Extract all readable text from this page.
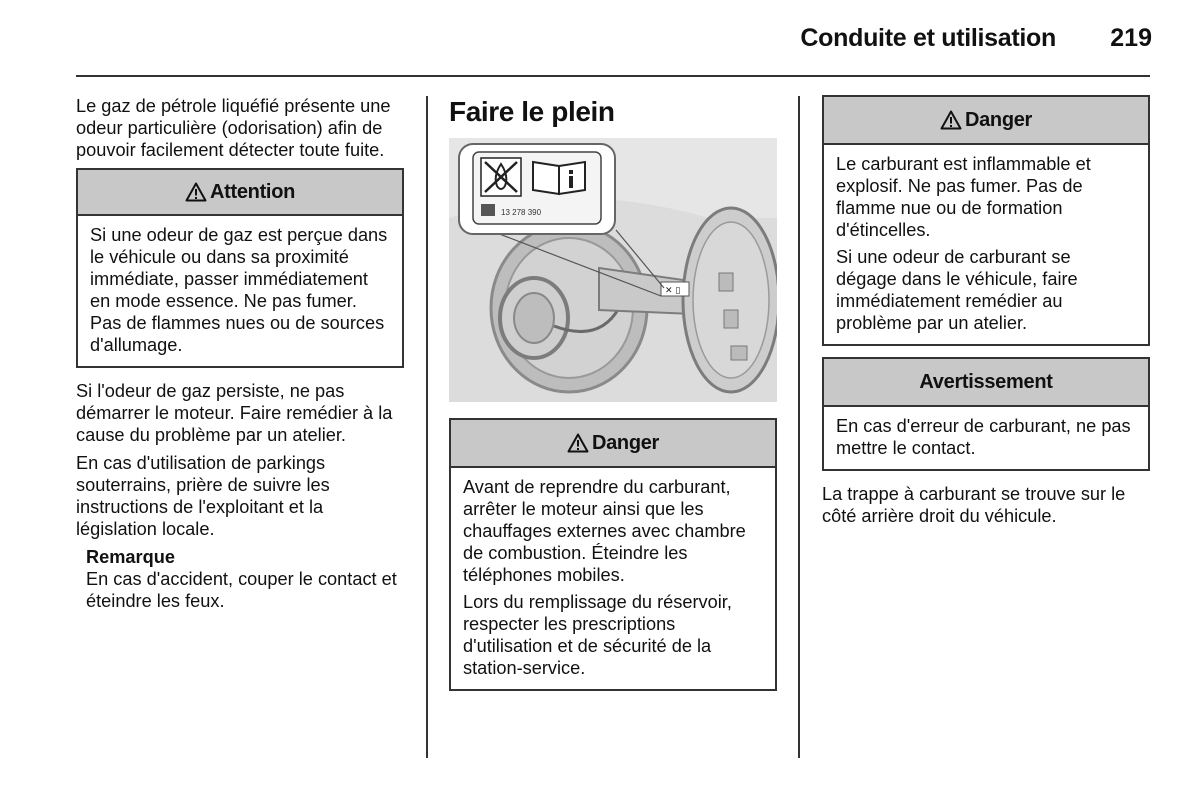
Conduite et utilisation	219

Le gaz de pétrole liquéfié présente une odeur particulière (odorisation) afin de pouvoir facilement détecter toute fuite.

Attention

Si une odeur de gaz est perçue dans le véhicule ou dans sa proximité immédiate, passer immédiatement en mode essence. Ne pas fumer. Pas de flammes nues ou de sources d'allumage.

Si l'odeur de gaz persiste, ne pas démarrer le moteur. Faire remédier à la cause du problème par un atelier.

En cas d'utilisation de parkings souterrains, prière de suivre les instructions de l'exploitant et la législation locale.

Remarque
En cas d'accident, couper le contact et éteindre les feux.
Faire le plein
✕ ▯
13 278 390
Danger

Avant de reprendre du carburant, arrêter le moteur ainsi que les chauffages externes avec chambre de combustion. Éteindre les téléphones mobiles.

Lors du remplissage du réservoir, respecter les prescriptions d'utilisation et de sécurité de la station-service.

Danger

Le carburant est inflammable et explosif. Ne pas fumer. Pas de flamme nue ou de formation d'étincelles.

Si une odeur de carburant se dégage dans le véhicule, faire immédiatement remédier au problème par un atelier.

Avertissement

En cas d'erreur de carburant, ne pas mettre le contact.

La trappe à carburant se trouve sur le côté arrière droit du véhicule.
